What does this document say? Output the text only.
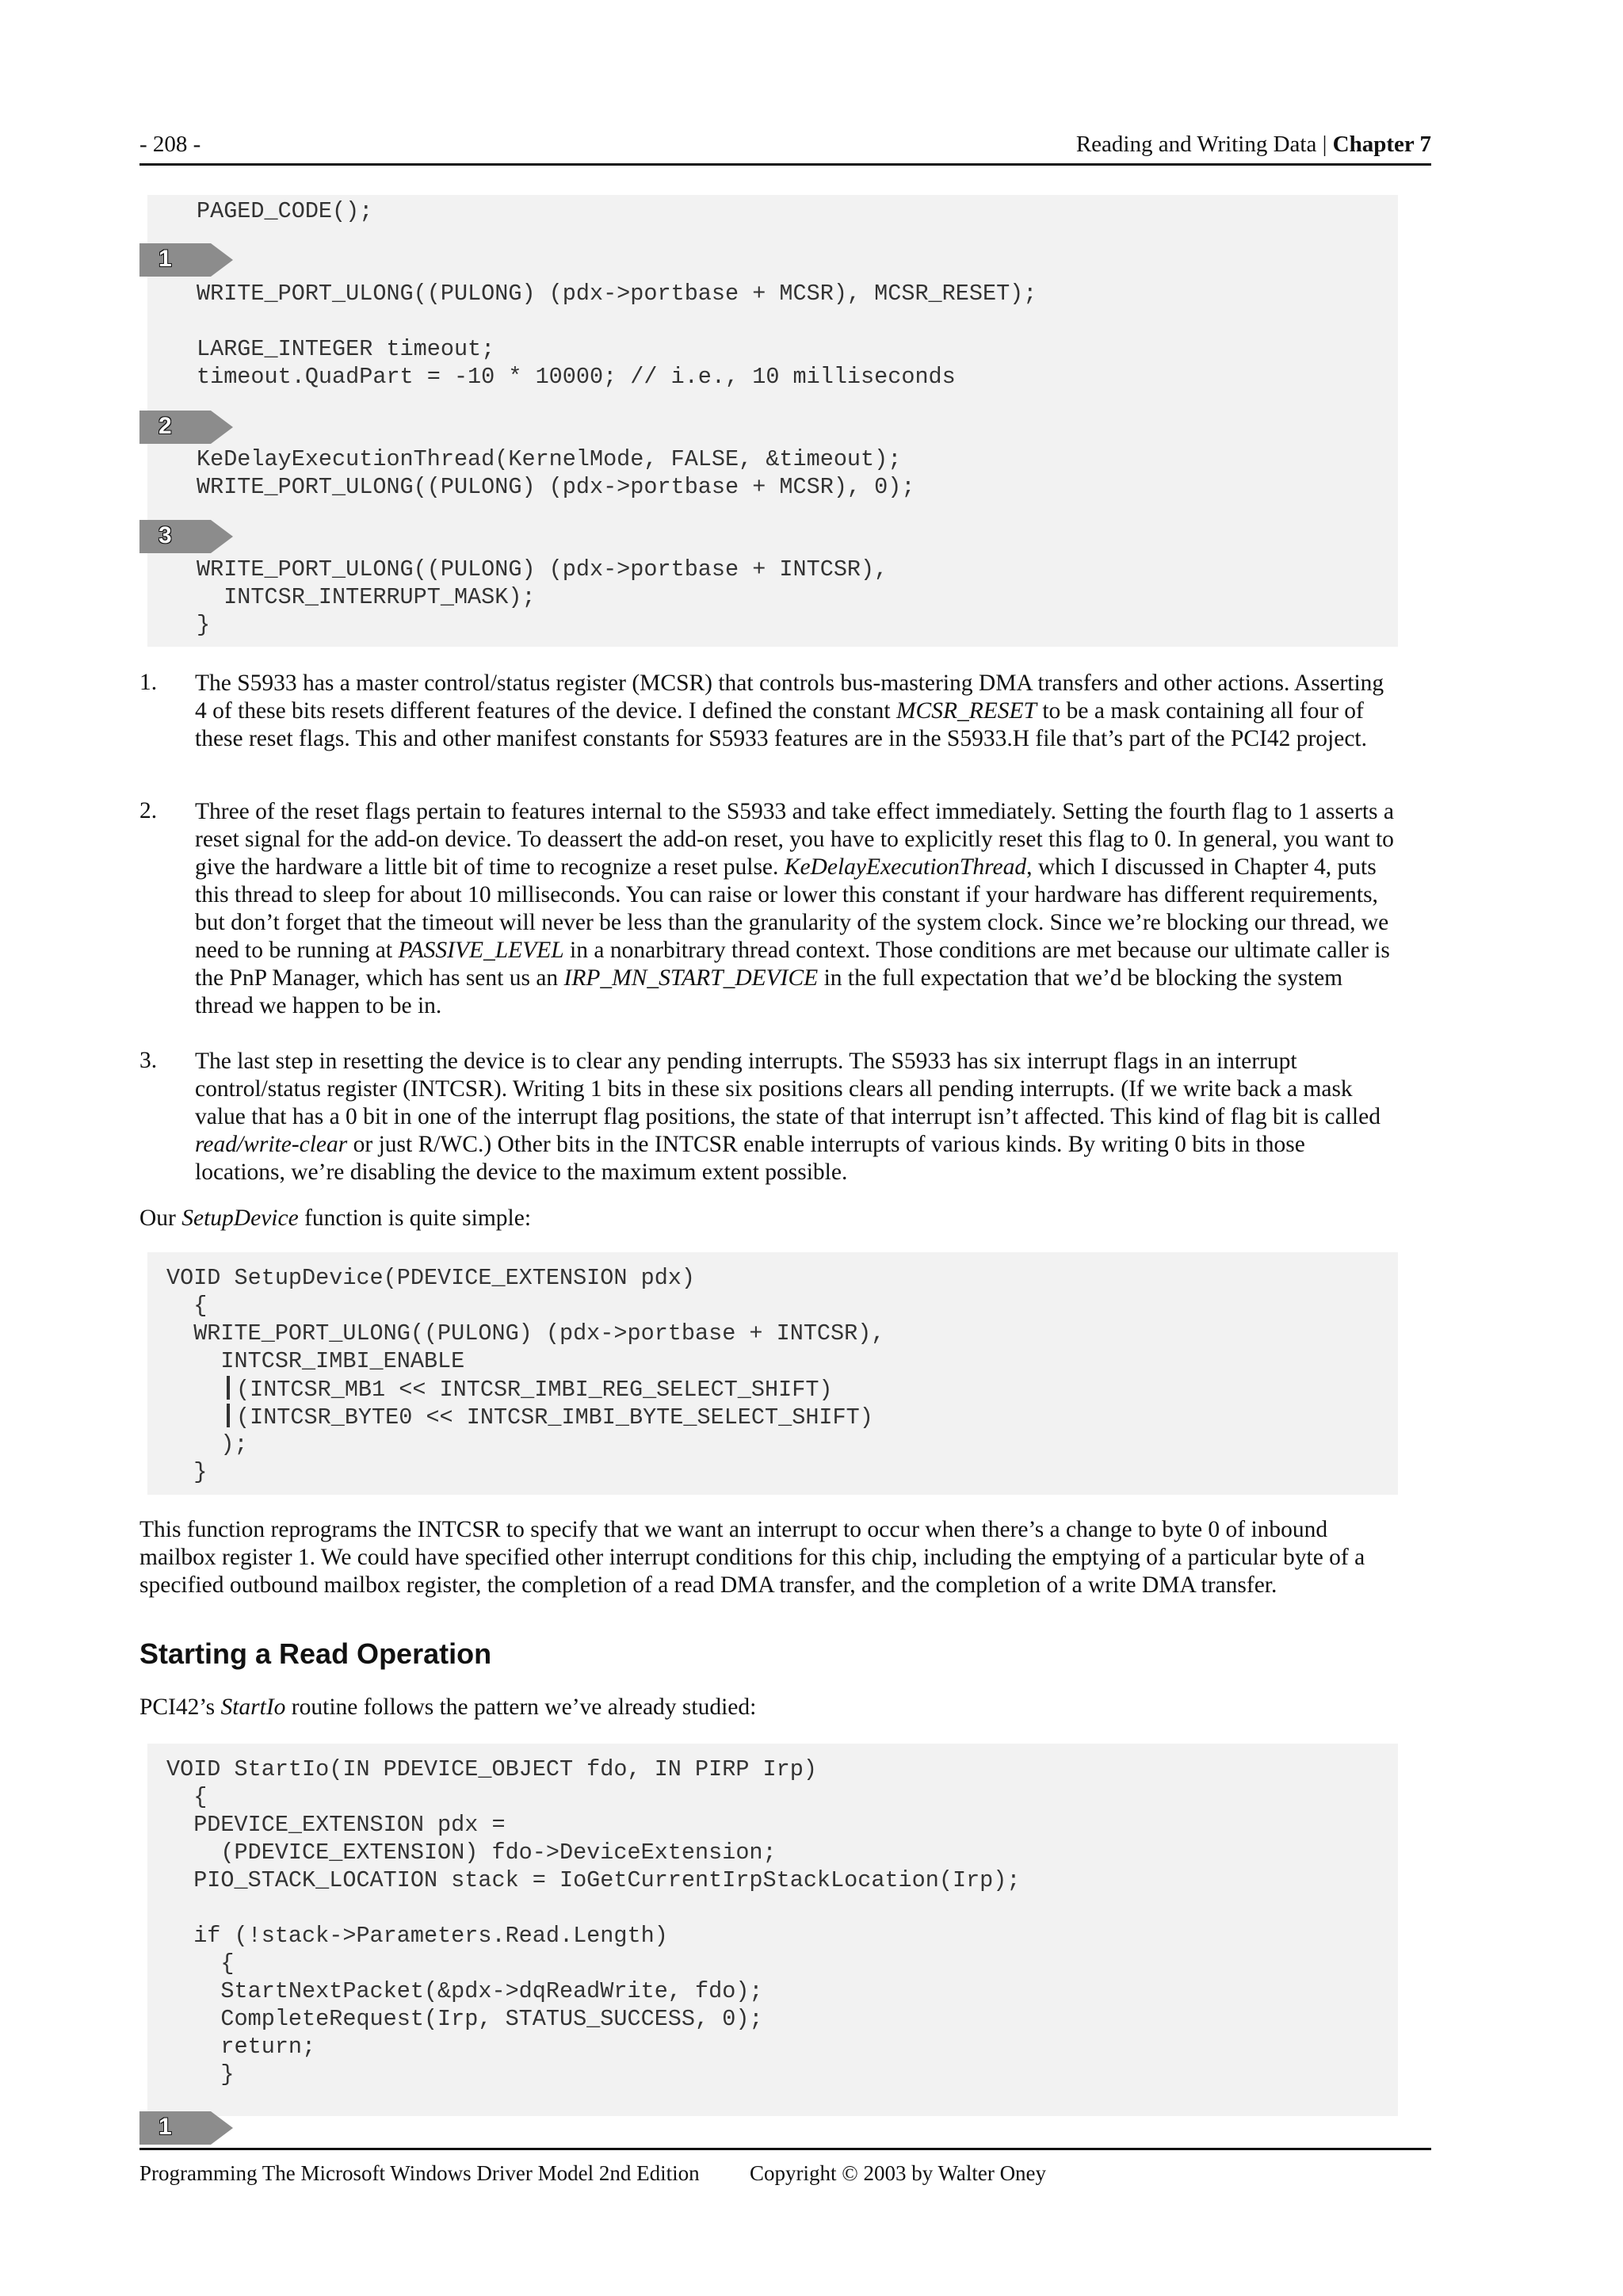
- 208 -	Reading and Writing Data | Chapter 7

PAGED_CODE();

WRITE_PORT_ULONG((PULONG) (pdx->portbase + MCSR), MCSR_RESET);

LARGE_INTEGER timeout;

timeout.QuadPart = -10 * 10000; // i.e., 10 milliseconds

KeDelayExecutionThread(KernelMode, FALSE, &timeout);

WRITE_PORT_ULONG((PULONG) (pdx->portbase + MCSR), 0);

WRITE_PORT_ULONG((PULONG) (pdx->portbase + INTCSR),

INTCSR_INTERRUPT_MASK);

}

1
2
3
1. The S5933 has a master control/status register (MCSR) that controls bus-mastering DMA transfers and other actions. Asserting 4 of these bits resets different features of the device. I defined the constant MCSR_RESET to be a mask containing all four of these reset flags. This and other manifest constants for S5933 features are in the S5933.H file that’s part of the PCI42 project.
2. Three of the reset flags pertain to features internal to the S5933 and take effect immediately. Setting the fourth flag to 1 asserts a reset signal for the add-on device. To deassert the add-on reset, you have to explicitly reset this flag to 0. In general, you want to give the hardware a little bit of time to recognize a reset pulse. KeDelayExecutionThread, which I discussed in Chapter 4, puts this thread to sleep for about 10 milliseconds. You can raise or lower this constant if your hardware has different requirements, but don’t forget that the timeout will never be less than the granularity of the system clock. Since we’re blocking our thread, we need to be running at PASSIVE_LEVEL in a nonarbitrary thread context. Those conditions are met because our ultimate caller is the PnP Manager, which has sent us an IRP_MN_START_DEVICE in the full expectation that we’d be blocking the system thread we happen to be in.
3. The last step in resetting the device is to clear any pending interrupts. The S5933 has six interrupt flags in an interrupt control/status register (INTCSR). Writing 1 bits in these six positions clears all pending interrupts. (If we write back a mask value that has a 0 bit in one of the interrupt flag positions, the state of that interrupt isn’t affected. This kind of flag bit is called read/write-clear or just R/WC.) Other bits in the INTCSR enable interrupts of various kinds. By writing 0 bits in those locations, we’re disabling the device to the maximum extent possible.
Our SetupDevice function is quite simple:

VOID SetupDevice(PDEVICE_EXTENSION pdx)

{

WRITE_PORT_ULONG((PULONG) (pdx->portbase + INTCSR),

INTCSR_IMBI_ENABLE

(INTCSR_MB1 << INTCSR_IMBI_REG_SELECT_SHIFT)

(INTCSR_BYTE0 << INTCSR_IMBI_BYTE_SELECT_SHIFT)

);

}

This function reprograms the INTCSR to specify that we want an interrupt to occur when there’s a change to byte 0 of inbound mailbox register 1. We could have specified other interrupt conditions for this chip, including the emptying of a particular byte of a specified outbound mailbox register, the completion of a read DMA transfer, and the completion of a write DMA transfer.
Starting a Read Operation
PCI42’s StartIo routine follows the pattern we’ve already studied:

VOID StartIo(IN PDEVICE_OBJECT fdo, IN PIRP Irp)

{

PDEVICE_EXTENSION pdx =

(PDEVICE_EXTENSION) fdo->DeviceExtension;

PIO_STACK_LOCATION stack = IoGetCurrentIrpStackLocation(Irp);

if (!stack->Parameters.Read.Length)

{

StartNextPacket(&pdx->dqReadWrite, fdo);

CompleteRequest(Irp, STATUS_SUCCESS, 0);

return;

}

1
Programming The Microsoft Windows Driver Model 2nd Edition Copyright © 2003 by Walter Oney
